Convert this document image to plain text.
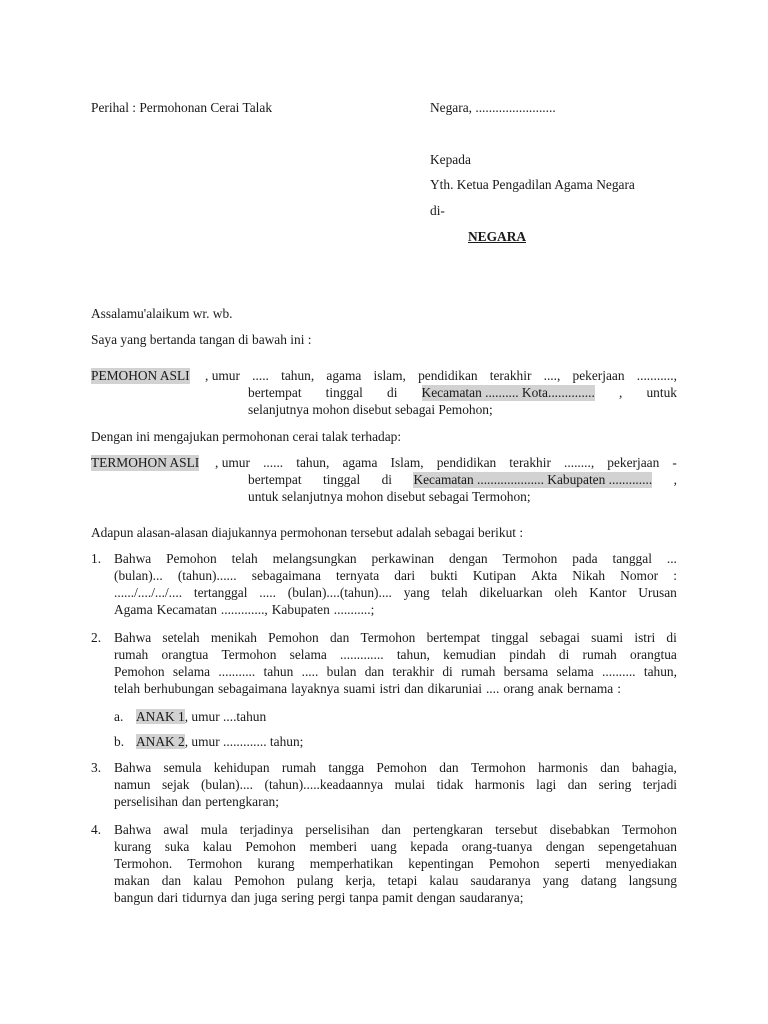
Perihal : Permohonan Cerai Talak	Negara, ........................
Kepada
Yth. Ketua Pengadilan Agama Negara
di-
NEGARA
Assalamu'alaikum wr. wb.
Saya yang bertanda tangan di bawah ini :
PEMOHON ASLI , umur ..... tahun, agama islam, pendidikan terakhir ...., pekerjaan ...........,
bertempat tinggal di Kecamatan .......... Kota.............. , untuk
selanjutnya mohon disebut sebagai Pemohon;
Dengan ini mengajukan permohonan cerai talak terhadap:
TERMOHON ASLI , umur ...... tahun, agama Islam, pendidikan terakhir ........, pekerjaan -
bertempat tinggal di Kecamatan .................... Kabupaten ............. ,
untuk selanjutnya mohon disebut sebagai Termohon;
Adapun alasan-alasan diajukannya permohonan tersebut adalah sebagai berikut :
1. Bahwa Pemohon telah melangsungkan perkawinan dengan Termohon pada tanggal ...
(bulan)... (tahun)...... sebagaimana ternyata dari bukti Kutipan Akta Nikah Nomor :
....../..../.../.... tertanggal ..... (bulan)....(tahun).... yang telah dikeluarkan oleh Kantor Urusan
Agama Kecamatan ............., Kabupaten ...........;
2. Bahwa setelah menikah Pemohon dan Termohon bertempat tinggal sebagai suami istri di
rumah orangtua Termohon selama ............. tahun, kemudian pindah di rumah orangtua
Pemohon selama ........... tahun ..... bulan dan terakhir di rumah bersama selama .......... tahun,
telah berhubungan sebagaimana layaknya suami istri dan dikaruniai .... orang anak bernama :
a. ANAK 1, umur ....tahun
b. ANAK 2, umur ............. tahun;
3. Bahwa semula kehidupan rumah tangga Pemohon dan Termohon harmonis dan bahagia,
namun sejak (bulan).... (tahun).....keadaannya mulai tidak harmonis lagi dan sering terjadi
perselisihan dan pertengkaran;
4. Bahwa awal mula terjadinya perselisihan dan pertengkaran tersebut disebabkan Termohon
kurang suka kalau Pemohon memberi uang kepada orang-tuanya dengan sepengetahuan
Termohon. Termohon kurang memperhatikan kepentingan Pemohon seperti menyediakan
makan dan kalau Pemohon pulang kerja, tetapi kalau saudaranya yang datang langsung
bangun dari tidurnya dan juga sering pergi tanpa pamit dengan saudaranya;
